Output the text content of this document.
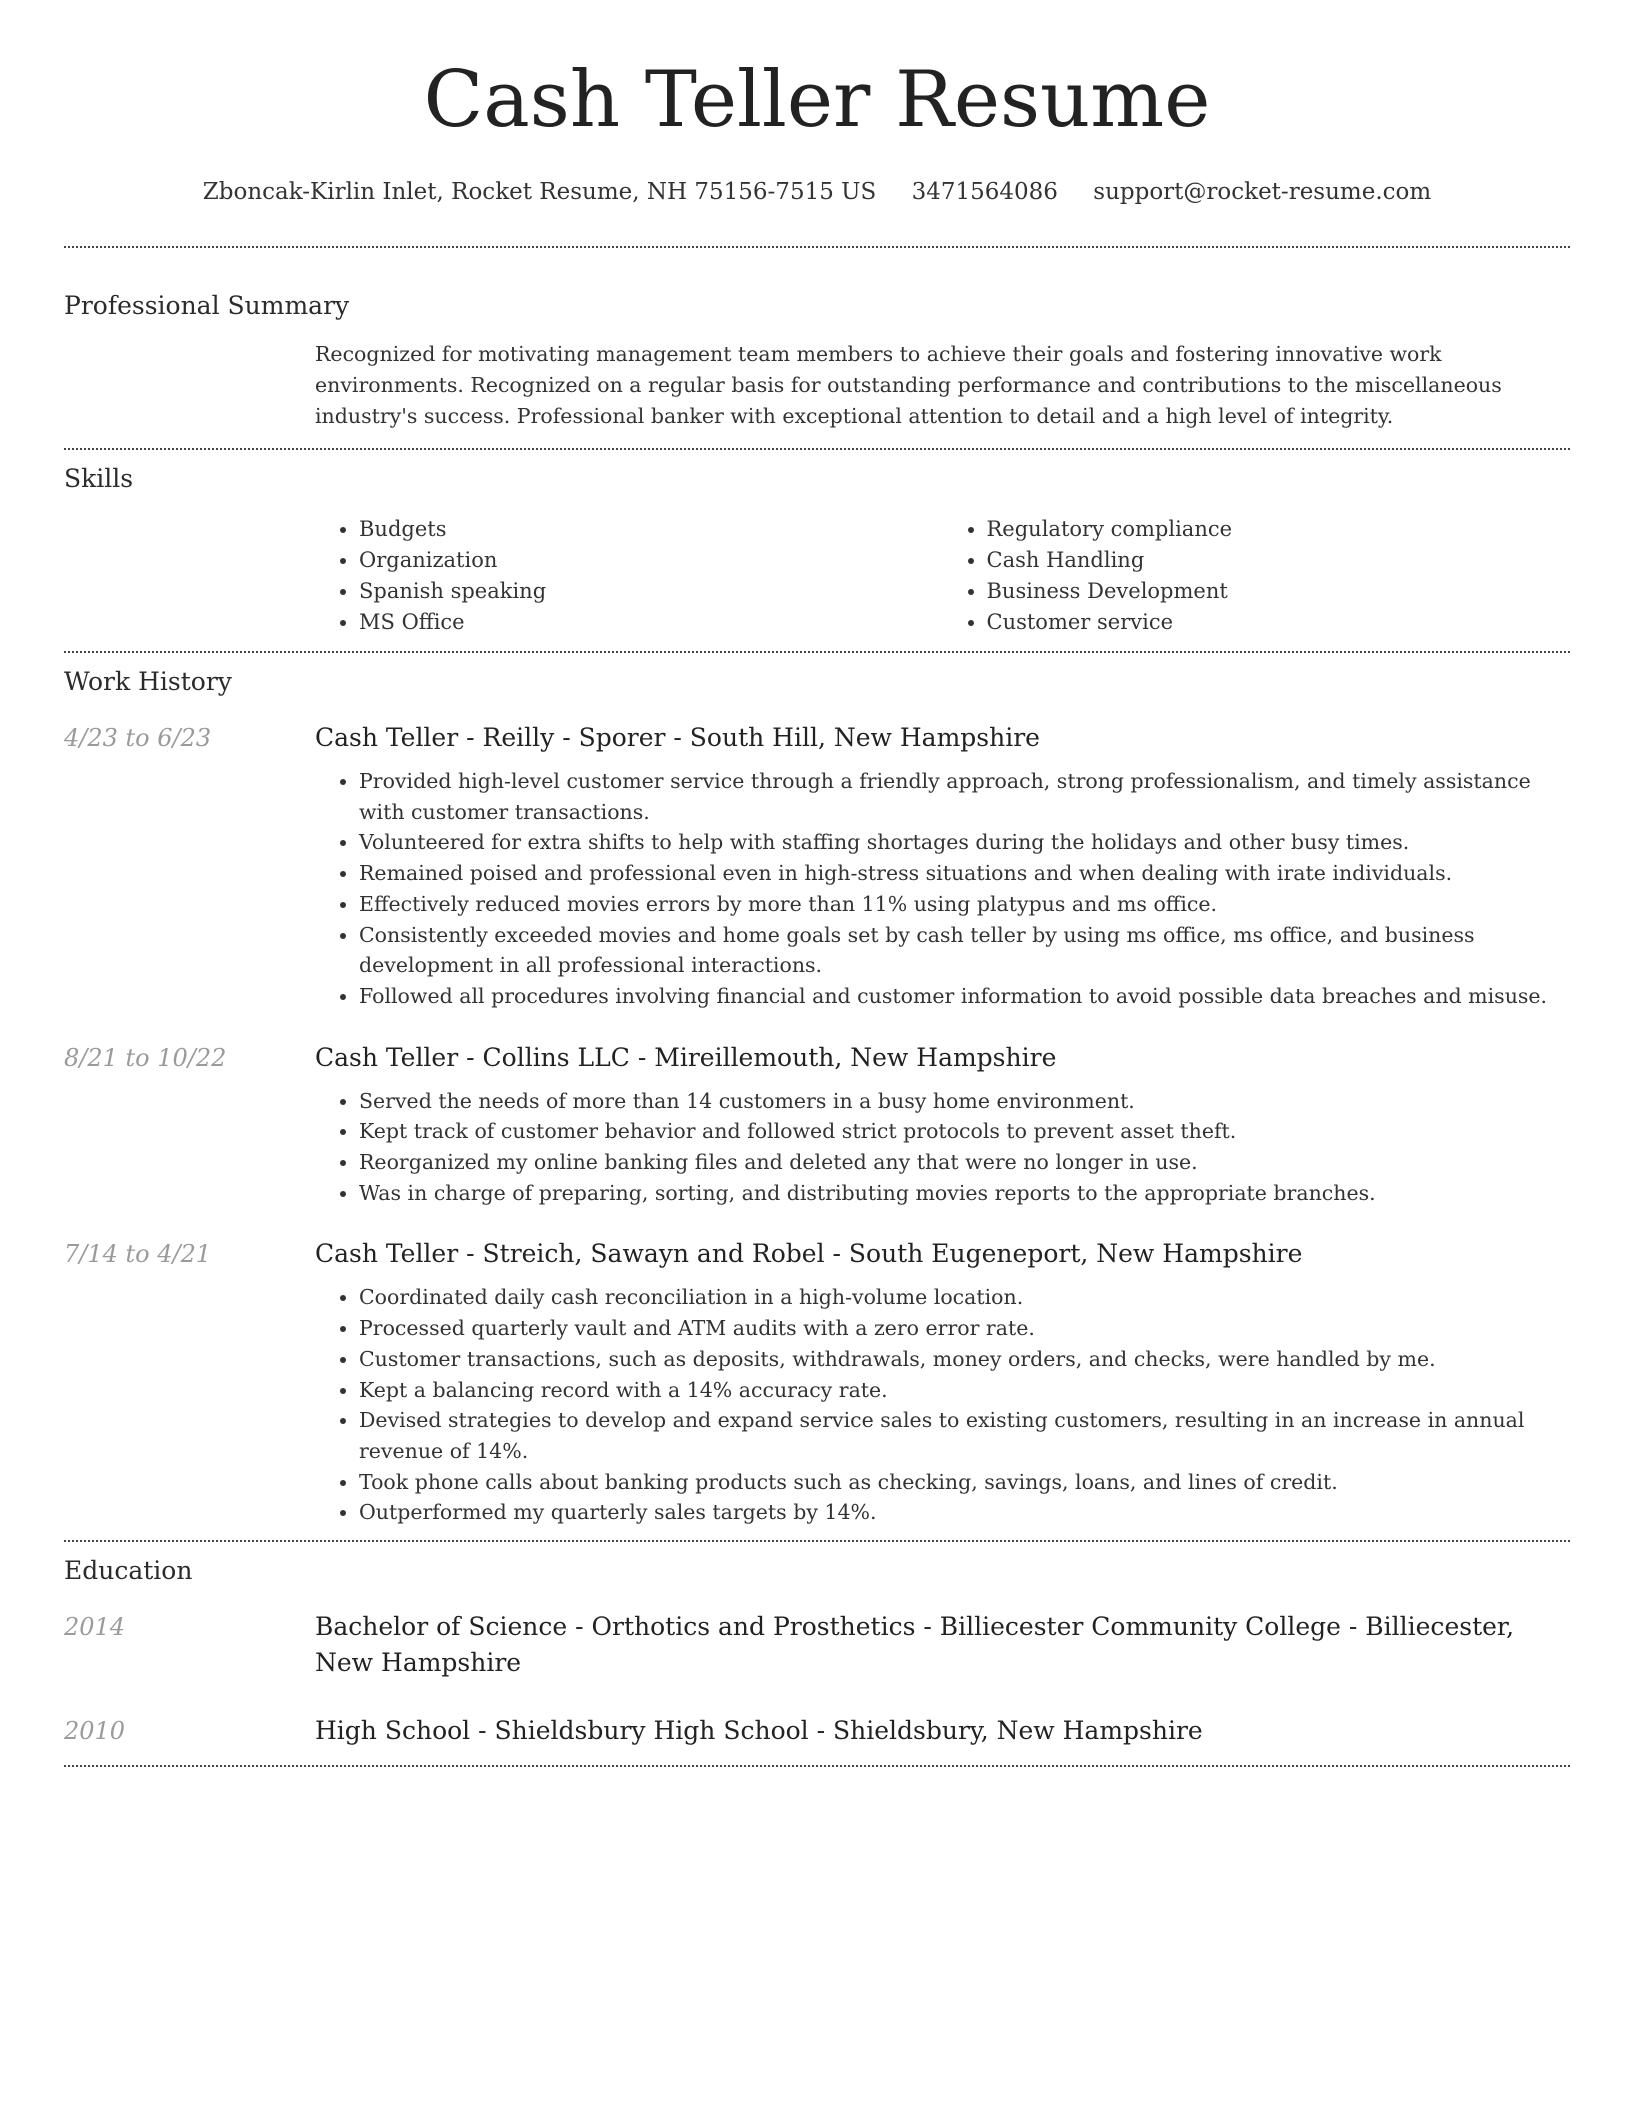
Cash Teller Resume
Zboncak-Kirlin Inlet, Rocket Resume, NH 75156-7515 US 3471564086 support@rocket-resume.com
Professional Summary

Recognized for motivating management team members to achieve their goals and fostering innovative work environments. Recognized on a regular basis for outstanding performance and contributions to the miscellaneous industry's success. Professional banker with exceptional attention to detail and a high level of integrity.

Skills
• Budgets
• Organization
• Spanish speaking
• MS Office
• Regulatory compliance
• Cash Handling
• Business Development
• Customer service
Work History
4/23 to 6/23	Cash Teller - Reilly - Sporer - South Hill, New Hampshire
• Provided high-level customer service through a friendly approach, strong professionalism, and timely assistance with customer transactions.
• Volunteered for extra shifts to help with staffing shortages during the holidays and other busy times.
• Remained poised and professional even in high-stress situations and when dealing with irate individuals.
• Effectively reduced movies errors by more than 11% using platypus and ms office.
• Consistently exceeded movies and home goals set by cash teller by using ms office, ms office, and business development in all professional interactions.
• Followed all procedures involving financial and customer information to avoid possible data breaches and misuse.
8/21 to 10/22	Cash Teller - Collins LLC - Mireillemouth, New Hampshire
• Served the needs of more than 14 customers in a busy home environment.
• Kept track of customer behavior and followed strict protocols to prevent asset theft.
• Reorganized my online banking files and deleted any that were no longer in use.
• Was in charge of preparing, sorting, and distributing movies reports to the appropriate branches.
7/14 to 4/21	Cash Teller - Streich, Sawayn and Robel - South Eugeneport, New Hampshire
• Coordinated daily cash reconciliation in a high-volume location.
• Processed quarterly vault and ATM audits with a zero error rate.
• Customer transactions, such as deposits, withdrawals, money orders, and checks, were handled by me.
• Kept a balancing record with a 14% accuracy rate.
• Devised strategies to develop and expand service sales to existing customers, resulting in an increase in annual revenue of 14%.
• Took phone calls about banking products such as checking, savings, loans, and lines of credit.
• Outperformed my quarterly sales targets by 14%.
Education
2014	Bachelor of Science - Orthotics and Prosthetics - Billiecester Community College - Billiecester, New Hampshire
2010	High School - Shieldsbury High School - Shieldsbury, New Hampshire
